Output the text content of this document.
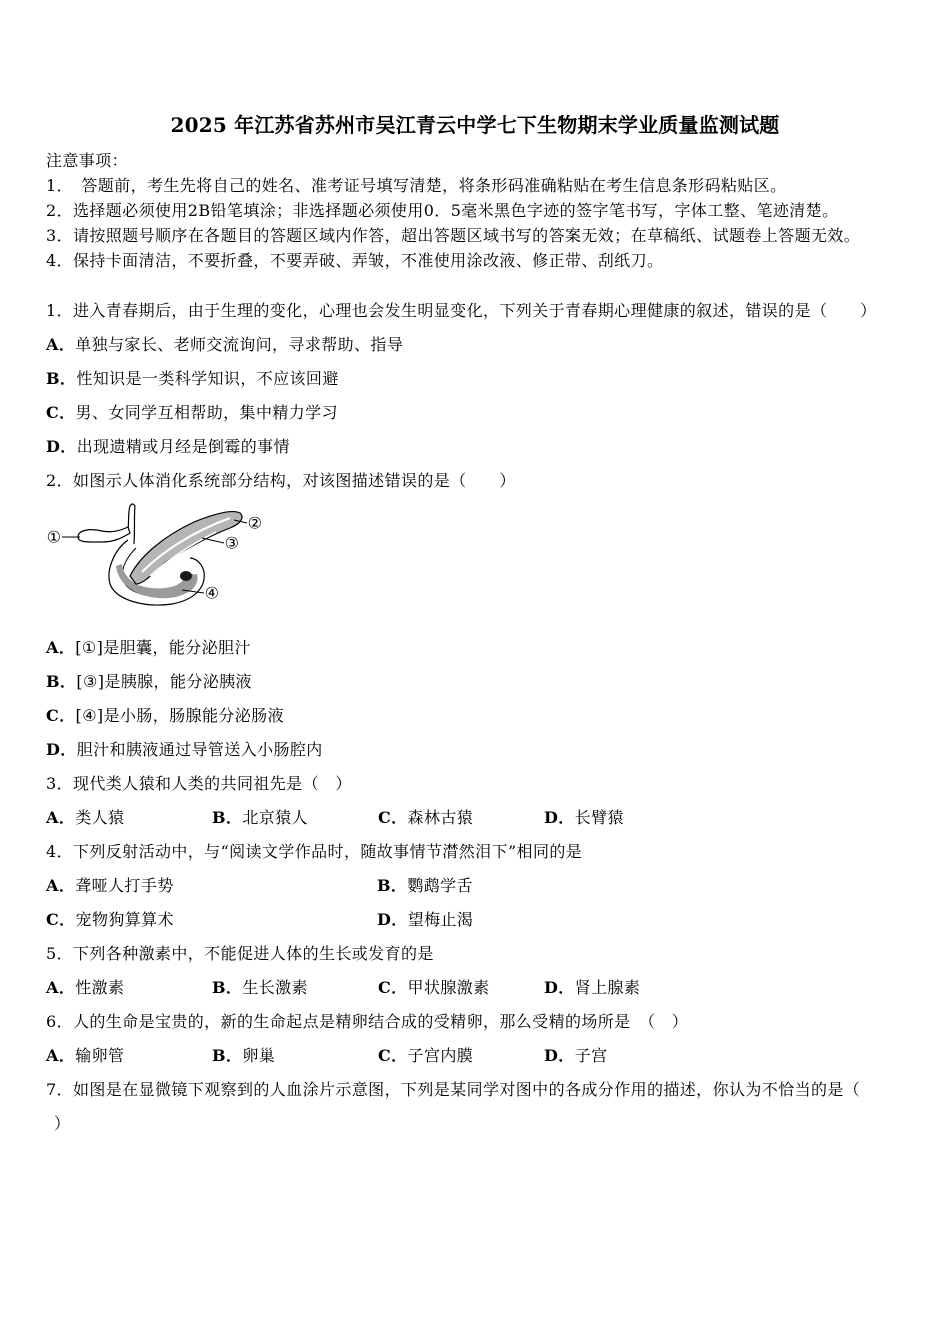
2025 年江苏省苏州市吴江青云中学七下生物期末学业质量监测试题
注意事项：
1．　答题前，考生先将自己的姓名、准考证号填写清楚，将条形码准确粘贴在考生信息条形码粘贴区。
2．选择题必须使用2B铅笔填涂；非选择题必须使用0．5毫米黑色字迹的签字笔书写，字体工整、笔迹清楚。
3．请按照题号顺序在各题目的答题区域内作答，超出答题区域书写的答案无效；在草稿纸、试题卷上答题无效。
4．保持卡面清洁，不要折叠，不要弄破、弄皱，不准使用涂改液、修正带、刮纸刀。
1．进入青春期后，由于生理的变化，心理也会发生明显变化，下列关于青春期心理健康的叙述，错误的是（　　）
A．单独与家长、老师交流询问，寻求帮助、指导
B．性知识是一类科学知识，不应该回避
C．男、女同学互相帮助，集中精力学习
D．出现遗精或月经是倒霉的事情
2．如图示人体消化系统部分结构，对该图描述错误的是（　　）
①
②
③
④
A．[①]是胆囊，能分泌胆汁
B．[③]是胰腺，能分泌胰液
C．[④]是小肠，肠腺能分泌肠液
D．胆汁和胰液通过导管送入小肠腔内
3．现代类人猿和人类的共同祖先是（　）
A．类人猿	B．北京猿人	C．森林古猿	D．长臂猿
4．下列反射活动中，与“阅读文学作品时，随故事情节潸然泪下”相同的是
A．聋哑人打手势	B．鹦鹉学舌
C．宠物狗算算术	D．望梅止渴
5．下列各种激素中，不能促进人体的生长或发育的是
A．性激素	B．生长激素	C．甲状腺激素	D．肾上腺素
6．人的生命是宝贵的，新的生命起点是精卵结合成的受精卵，那么受精的场所是　（　）
A．输卵管	B．卵巢	C．子宫内膜	D．子宫
7．如图是在显微镜下观察到的人血涂片示意图，下列是某同学对图中的各成分作用的描述，你认为不恰当的是（
）
